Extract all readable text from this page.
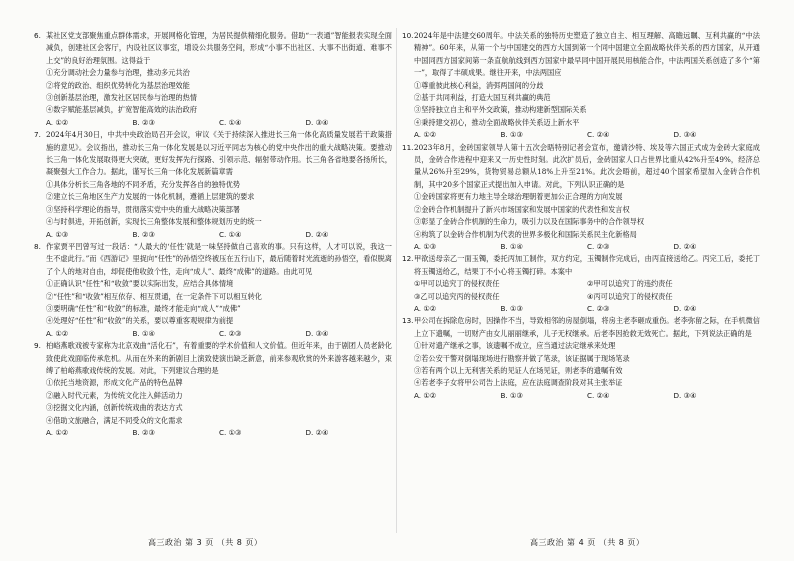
6. 某社区党支部聚焦重点群体需求，开展网格化管理，为居民提供精细化服务。借助“一表通”智能报表实现全面减负，创建社区会客厅，内设社区议事室，增设公共服务空间，形成“小事不出社区、大事不出街道、难事不上交”的良好治理氛围。这得益于
①充分调动社会力量参与治理，推动多元共治
②将党的政治、组织优势转化为基层治理效能
③创新基层治理，激发社区居民参与治理的热情
④数字赋能基层减负，扩宽智能高效的法治政府
A. ①②	B. ②③	C. ①④	D. ③④
7. 2024年4月30日，中共中央政治局召开会议，审议《关于持续深入推进长三角一体化高质量发展若干政策措施的意见》。会议指出，推动长三角一体化发展是以习近平同志为核心的党中央作出的重大战略决策。要推动长三角一体化发展取得更大突破，更好发挥先行探路、引领示范、辐射带动作用。长三角各省地要各扬所长，凝聚强大工作合力。据此，谨写长三角一体化发展新篇章需
①具体分析长三角各地的不同矛盾，充分发挥各自的独特优势
②建立长三角地区生产力发展的一体化机制，遵循上层建筑的要求
③坚持科学理论的指导，贯彻落实党中央的重大战略决策部署
④与时俱进，开拓创新，实现长三角整体发展和整体规划历史的统一
A. ①③	B. ②③	C. ①④	D. ②④
8. 作家贾平凹曾写过一段话：“人最大的‘任性’就是一味坚持做自己喜欢的事。只有这样，人才可以说，我这一生不虚此行。”而《西游记》里捉向“任性”的孙悟空终被压在五行山下，最后随着时光流逝的孙悟空，看似脱离了个人的地对自由，却促使他收敛个性，走向“成人”、最终“成佛”的道路。由此可见
①正确认识“任性”和“收敛”要以实际出发，应结合具体情境
②“任性”和“收敛”相互依存、相互贯通，在一定条件下可以相互转化
③要明确“任性”和“收敛”的标准，最终才能走向“成人”“成佛”
④处理好“任性”和“收敛”的关系，要以尊重客观规律为前提
A. ①②	B. ①④	C. ②③	D. ③④
9. 柏峪燕歌戏被专家称为北京戏曲“活化石”，有着重要的学术价值和人文价值。但近年来，由于剧团人员老龄化致使此戏面临传承危机。从而在外来的新剧目上演致使演出缺乏新意，前来参观欣赏的外来游客越来越少，束缚了柏峪燕歌戏传统的发展。对此，下列建议合理的是
①依托当地资源，形成文化产品的特色品牌
②融入时代元素，为传统文化注入鲜活动力
③挖掘文化内涵，创新传统戏曲的表达方式
④借助文旅融合，满足不同受众的文化需求
A. ①②	B. ②③	C. ①③	D. ②④
10. 2024年是中法建交60周年。中法关系的独特历史塑造了独立自主、相互理解、高瞻远瞩、互利共赢的“中法精神”。60年来，从第一个与中国建交的西方大国到第一个同中国建立全面战略伙伴关系的西方国家，从开通中国同西方国家间第一条直航航线到西方国家中最早同中国开展民用核能合作，中法两国关系创造了多个“第一”，取得了丰硕成果。继往开来，中法两国应
①尊重彼此核心利益，消弭两国间的分歧
②基于共同利益，打造大国互利共赢的典范
③坚持独立自主和平外交政策，推动构建新型国际关系
④秉持建交初心，推动全面战略伙伴关系迈上新水平
A. ①②	B. ①③	C. ②④	D. ③④
11. 2023年8月，金砖国家领导人第十五次会晤特别记者会宣布，邀请沙特、埃及等六国正式成为金砖大家庭成员，金砖合作进程中迎来又一历史性时刻。此次扩员后，金砖国家人口占世界比重从42%升至49%，经济总量从26%升至29%，货物贸易总额从18%上升至21%。此次会晤前，超过40个国家希望加入金砖合作机制，其中20多个国家正式提出加入申请。对此，下列认识正确的是
①金砖国家将更有力地主导全球治理朝着更加公正合理的方向发展
②金砖合作机制提升了新兴市场国家和发展中国家的代表性和发言权
③彰显了金砖合作机制的生命力，吸引力以及在国际事务中的合作领导权
④构筑了以金砖合作机制为代表的世界多极化和国际关系民主化新格局
A. ①③	B. ①④	C. ②③	D. ②④
12. 甲欲送母亲乙一面玉镯，委托丙加工制作，双方约定，玉镯制作完成后，由丙直接送给乙。丙完工后，委托丁将玉镯送给乙，结果丁不小心将玉镯打碎。本案中
①甲可以追究丁的侵权责任	②甲可以追究丁的违约责任
③乙可以追究丙的侵权责任	④丙可以追究丁的侵权责任
A. ①②	B. ①③	C. ②③	D. ②④
13. 甲公司在拆除危房时，因操作不当，导致相邻的房屋倒塌，将房主老李砸成重伤。老李弥留之际，在手机微信上立下遗嘱，一切财产由女儿丽丽继承，儿子无权继承。后老李因抢救无效死亡。据此，下列说法正确的是
①针对遗产继承之事，该遗嘱不成立，应当通过法定继承来处理
②若公安干警对倒塌现场进行勘察并做了笔录，该证据属于现场笔录
③若有两个以上无利害关系的见证人在场见证，则老李的遗嘱有效
④若老李子女将甲公司告上法庭，应在法庭调查阶段对其主张举证
A. ①②	B. ①③	C. ②④	D. ③④
高三政治 第 3 页 （共 8 页）	高三政治 第 4 页 （共 8 页）
